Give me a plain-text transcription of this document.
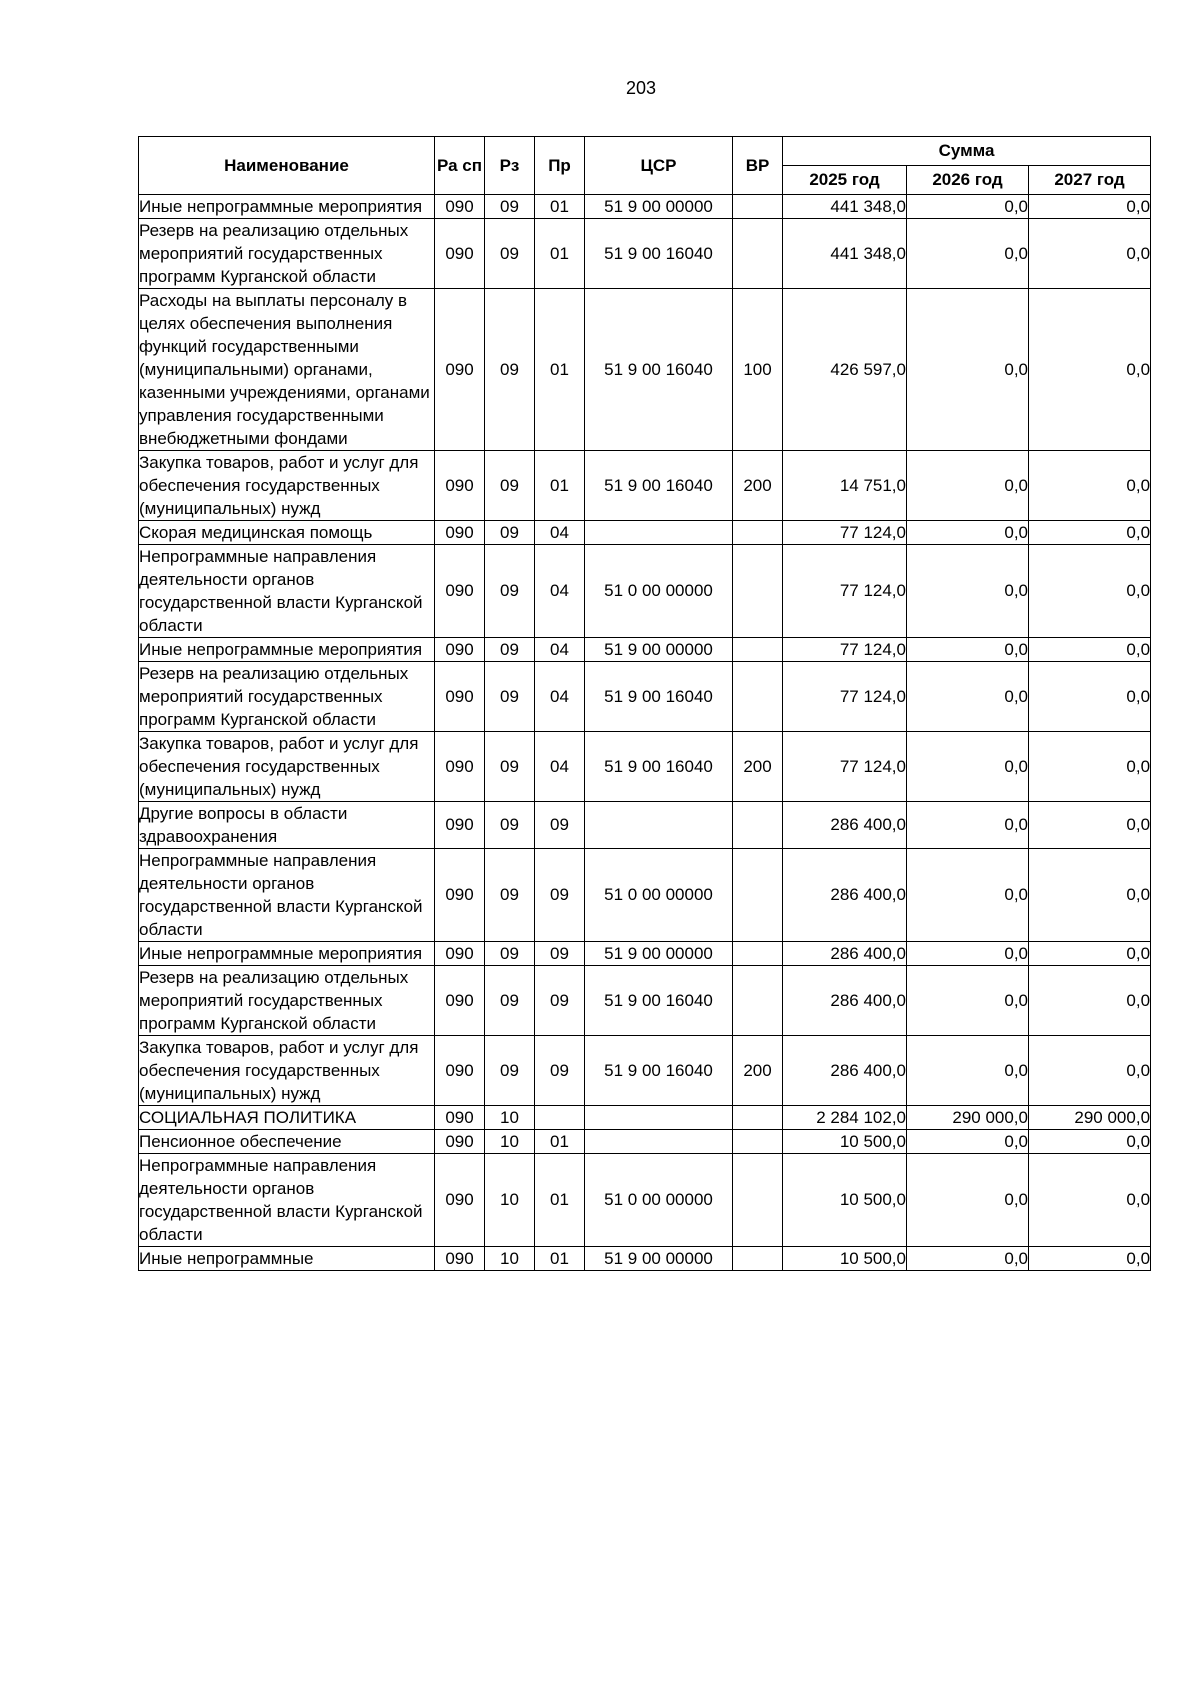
203
Наименование	Ра сп	Рз	Пр	ЦСР	ВР	Сумма		
						2025 год	2026 год	2027 год
Иные непрограммные мероприятия	090	09	01	51 9 00 00000		441 348,0	0,0	0,0
Резерв на реализацию отдельных мероприятий государственных программ Курганской области	090	09	01	51 9 00 16040		441 348,0	0,0	0,0
Расходы на выплаты персоналу в целях обеспечения выполнения функций государственными (муниципальными) органами, казенными учреждениями, органами управления государственными внебюджетными фондами	090	09	01	51 9 00 16040	100	426 597,0	0,0	0,0
Закупка товаров, работ и услуг для обеспечения государственных (муниципальных) нужд	090	09	01	51 9 00 16040	200	14 751,0	0,0	0,0
Скорая медицинская помощь	090	09	04			77 124,0	0,0	0,0
Непрограммные направления деятельности органов государственной власти Курганской области	090	09	04	51 0 00 00000		77 124,0	0,0	0,0
Иные непрограммные мероприятия	090	09	04	51 9 00 00000		77 124,0	0,0	0,0
Резерв на реализацию отдельных мероприятий государственных программ Курганской области	090	09	04	51 9 00 16040		77 124,0	0,0	0,0
Закупка товаров, работ и услуг для обеспечения государственных (муниципальных) нужд	090	09	04	51 9 00 16040	200	77 124,0	0,0	0,0
Другие вопросы в области здравоохранения	090	09	09			286 400,0	0,0	0,0
Непрограммные направления деятельности органов государственной власти Курганской области	090	09	09	51 0 00 00000		286 400,0	0,0	0,0
Иные непрограммные мероприятия	090	09	09	51 9 00 00000		286 400,0	0,0	0,0
Резерв на реализацию отдельных мероприятий государственных программ Курганской области	090	09	09	51 9 00 16040		286 400,0	0,0	0,0
Закупка товаров, работ и услуг для обеспечения государственных (муниципальных) нужд	090	09	09	51 9 00 16040	200	286 400,0	0,0	0,0
СОЦИАЛЬНАЯ ПОЛИТИКА	090	10				2 284 102,0	290 000,0	290 000,0
Пенсионное обеспечение	090	10	01			10 500,0	0,0	0,0
Непрограммные направления деятельности органов государственной власти Курганской области	090	10	01	51 0 00 00000		10 500,0	0,0	0,0
Иные непрограммные	090	10	01	51 9 00 00000		10 500,0	0,0	0,0
